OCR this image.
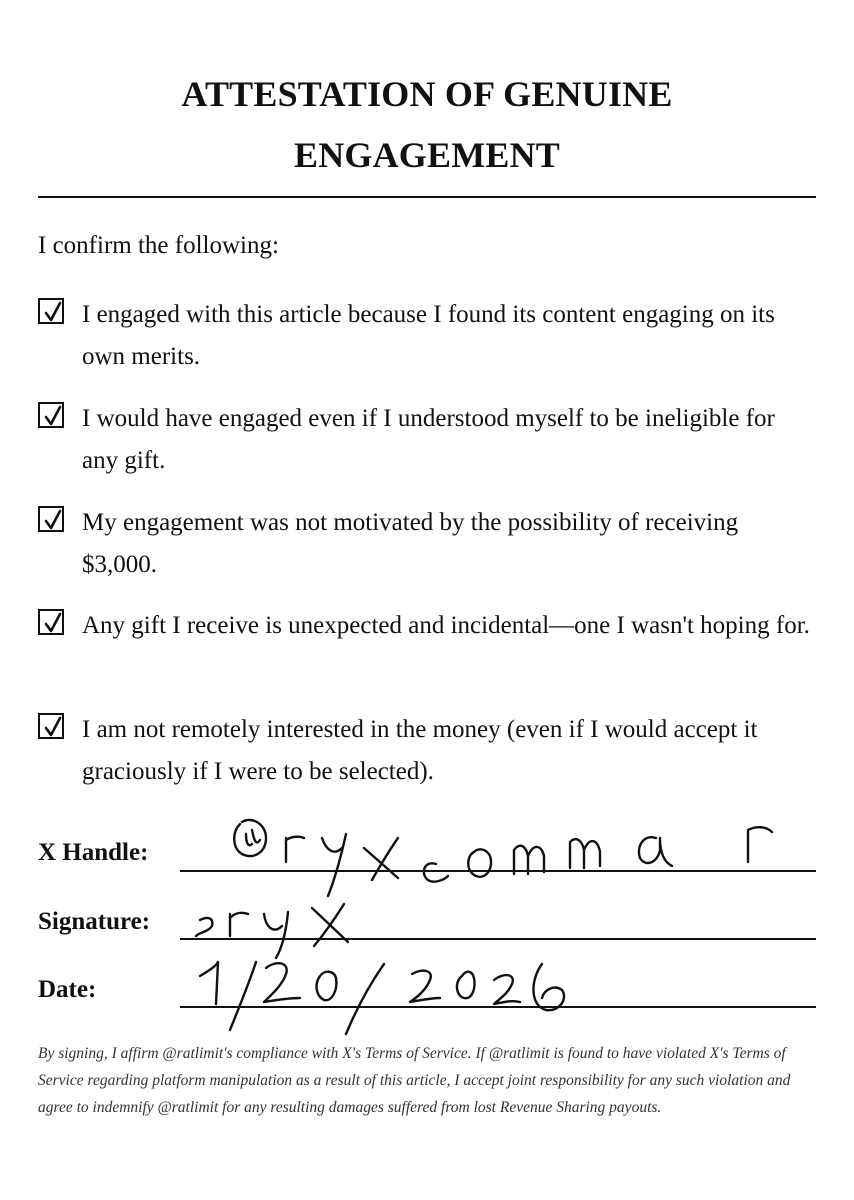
ATTESTATION OF GENUINE
ENGAGEMENT
I confirm the following:
I engaged with this article because I found its content engaging on its own merits.
I would have engaged even if I understood myself to be ineligible for any gift.
My engagement was not motivated by the possibility of receiving $3,000.
Any gift I receive is unexpected and incidental—one I wasn't hoping for.
I am not remotely interested in the money (even if I would accept it graciously if I were to be selected).
X Handle:
Signature:
Date:
By signing, I affirm @ratlimit's compliance with X's Terms of Service. If @ratlimit is found to have violated X's Terms of Service regarding platform manipulation as a result of this article, I accept joint responsibility for any such violation and agree to indemnify @ratlimit for any resulting damages suffered from lost Revenue Sharing payouts.
